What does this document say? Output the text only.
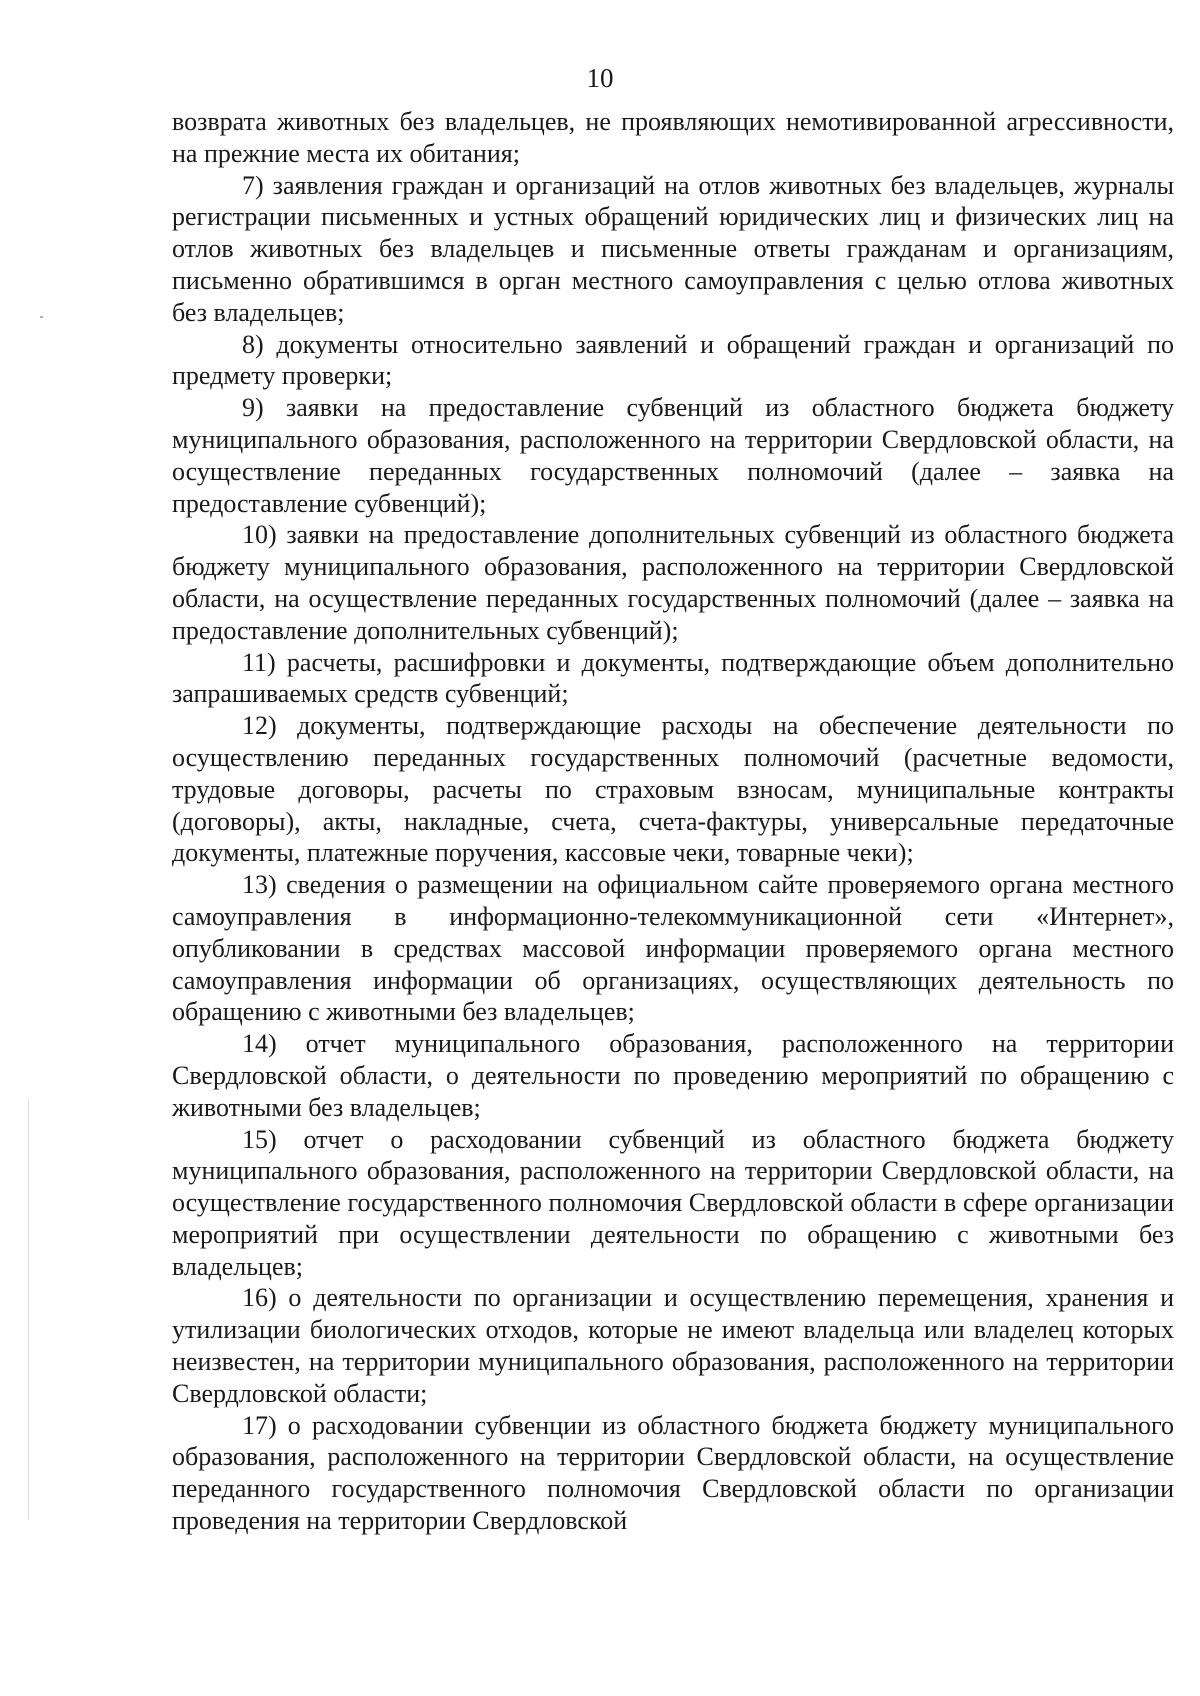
10

возврата животных без владельцев, не проявляющих немотивированной агрессивности, на прежние места их обитания;

7) заявления граждан и организаций на отлов животных без владельцев, журналы регистрации письменных и устных обращений юридических лиц и физических лиц на отлов животных без владельцев и письменные ответы гражданам и организациям, письменно обратившимся в орган местного самоуправления с целью отлова животных без владельцев;

8) документы относительно заявлений и обращений граждан и организаций по предмету проверки;

9) заявки на предоставление субвенций из областного бюджета бюджету муниципального образования, расположенного на территории Свердловской области, на осуществление переданных государственных полномочий (далее – заявка на предоставление субвенций);

10) заявки на предоставление дополнительных субвенций из областного бюджета бюджету муниципального образования, расположенного на территории Свердловской области, на осуществление переданных государственных полномочий (далее – заявка на предоставление дополнительных субвенций);

11) расчеты, расшифровки и документы, подтверждающие объем дополнительно запрашиваемых средств субвенций;

12) документы, подтверждающие расходы на обеспечение деятельности по осуществлению переданных государственных полномочий (расчетные ведомости, трудовые договоры, расчеты по страховым взносам, муниципальные контракты (договоры), акты, накладные, счета, счета-фактуры, универсальные передаточные документы, платежные поручения, кассовые чеки, товарные чеки);

13) сведения о размещении на официальном сайте проверяемого органа местного самоуправления в информационно-телекоммуникационной сети «Интернет», опубликовании в средствах массовой информации проверяемого органа местного самоуправления информации об организациях, осуществляющих деятельность по обращению с животными без владельцев;

14) отчет муниципального образования, расположенного на территории Свердловской области, о деятельности по проведению мероприятий по обращению с животными без владельцев;

15) отчет о расходовании субвенций из областного бюджета бюджету муниципального образования, расположенного на территории Свердловской области, на осуществление государственного полномочия Свердловской области в сфере организации мероприятий при осуществлении деятельности по обращению с животными без владельцев;

16) о деятельности по организации и осуществлению перемещения, хранения и утилизации биологических отходов, которые не имеют владельца или владелец которых неизвестен, на территории муниципального образования, расположенного на территории Свердловской области;

17) о расходовании субвенции из областного бюджета бюджету муниципального образования, расположенного на территории Свердловской области, на осуществление переданного государственного полномочия Свердловской области по организации проведения на территории Свердловской
